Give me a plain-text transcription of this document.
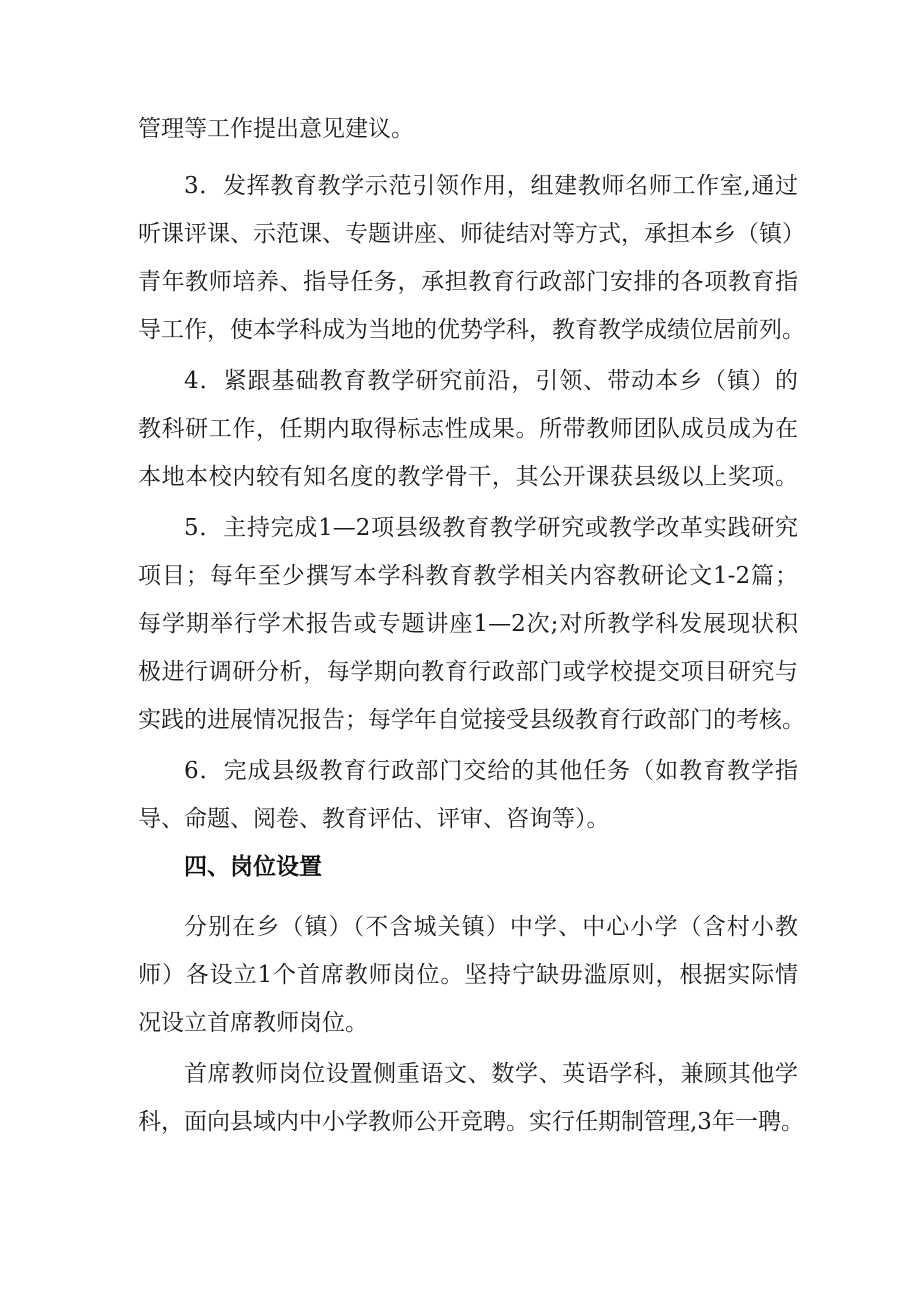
管理等工作提出意见建议。
3．发挥教育教学示范引领作用，组建教师名师工作室,通过
听课评课、示范课、专题讲座、师徒结对等方式，承担本乡（镇）
青年教师培养、指导任务，承担教育行政部门安排的各项教育指
导工作，使本学科成为当地的优势学科，教育教学成绩位居前列。
4．紧跟基础教育教学研究前沿，引领、带动本乡（镇）的
教科研工作，任期内取得标志性成果。所带教师团队成员成为在
本地本校内较有知名度的教学骨干，其公开课获县级以上奖项。
5．主持完成1—2项县级教育教学研究或教学改革实践研究
项目；每年至少撰写本学科教育教学相关内容教研论文1-2篇；
每学期举行学术报告或专题讲座1—2次;对所教学科发展现状积
极进行调研分析，每学期向教育行政部门或学校提交项目研究与
实践的进展情况报告；每学年自觉接受县级教育行政部门的考核。
6．完成县级教育行政部门交给的其他任务（如教育教学指
导、命题、阅卷、教育评估、评审、咨询等）。
四、岗位设置
分别在乡（镇）（不含城关镇）中学、中心小学（含村小教
师）各设立1个首席教师岗位。坚持宁缺毋滥原则，根据实际情
况设立首席教师岗位。
首席教师岗位设置侧重语文、数学、英语学科，兼顾其他学
科，面向县域内中小学教师公开竞聘。实行任期制管理,3年一聘。
